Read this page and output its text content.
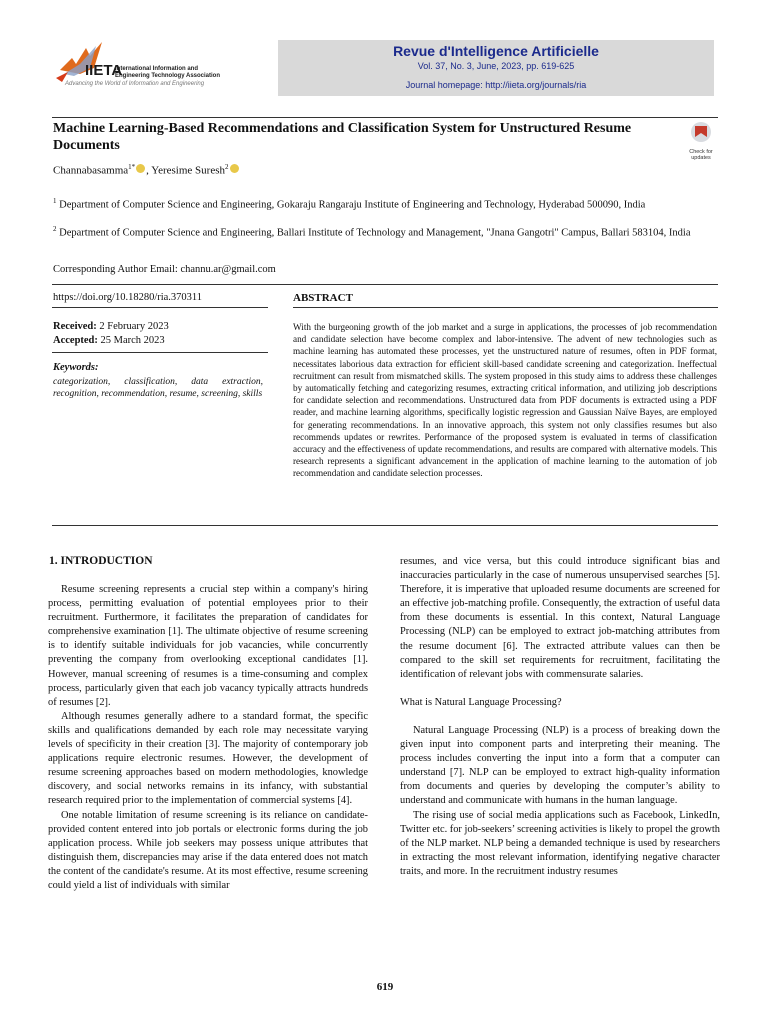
IIETA
International Information and
Engineering Technology Association
Advancing the World of Information and Engineering
Revue d'Intelligence Artificielle
Vol. 37, No. 3, June, 2023, pp. 619-625
Journal homepage: http://iieta.org/journals/ria
Machine Learning-Based Recommendations and Classification System for Unstructured Resume Documents	Check for updates
Channabasamma$^{1*}$ , Yeresime Suresh$^2$
$^1$ Department of Computer Science and Engineering, Gokaraju Rangaraju Institute of Engineering and Technology, Hyderabad 500090, India
$^2$ Department of Computer Science and Engineering, Ballari Institute of Technology and Management, "Jnana Gangotri" Campus, Ballari 583104, India
Corresponding Author Email: channu.ar@gmail.com
https://doi.org/10.18280/ria.370311	ABSTRACT
Received: 2 February 2023
Accepted: 25 March 2023
Keywords:
categorization, classification, data extraction, recognition, recommendation, resume, screening, skills
With the burgeoning growth of the job market and a surge in applications, the processes of job recommendation and candidate selection have become complex and labor-intensive. The advent of new technologies such as machine learning has automated these processes, yet the unstructured nature of resumes, often in PDF format, necessitates laborious data extraction for efficient skill-based candidate screening and categorization. Ineffectual recruitment can result from mismatched skills. The system proposed in this study aims to address these challenges by automatically fetching and categorizing resumes, extracting critical information, and utilizing job descriptions for candidate selection and recommendations. Unstructured data from PDF documents is extracted using a PDF reader, and machine learning algorithms, specifically logistic regression and Gaussian Naïve Bayes, are employed for generating recommendations. In an innovative approach, this system not only classifies resumes but also recommends updates or rewrites. Performance of the proposed system is evaluated in terms of classification accuracy and the effectiveness of update recommendations, and results are compared with alternative models. This research represents a significant advancement in the application of machine learning to the automation of job recommendation and candidate selection processes.
1. INTRODUCTION

Resume screening represents a crucial step within a company's hiring process, permitting evaluation of potential employees prior to their recruitment. Furthermore, it facilitates the preparation of candidates for comprehensive examination [1]. The ultimate objective of resume screening is to identify suitable individuals for job vacancies, while concurrently preventing the company from overlooking exceptional candidates [1]. However, manual screening of resumes is a time-consuming and complex process, particularly given that each job vacancy typically attracts hundreds of resumes [2].

Although resumes generally adhere to a standard format, the specific skills and qualifications demanded by each role may necessitate varying levels of specificity in their creation [3]. The majority of contemporary job applications require electronic resumes. However, the development of resume screening approaches based on modern methodologies, knowledge discovery, and social networks remains in its infancy, with substantial research required prior to the implementation of commercial systems [4].

One notable limitation of resume screening is its reliance on candidate-provided content entered into job portals or electronic forms during the job application process. While job seekers may possess unique attributes that distinguish them, discrepancies may arise if the data entered does not match the content of the candidate's resume. At its most effective, resume screening could yield a list of individuals with similar

resumes, and vice versa, but this could introduce significant bias and inaccuracies particularly in the case of numerous unsupervised searches [5]. Therefore, it is imperative that uploaded resume documents are screened for an effective job-matching profile. Consequently, the extraction of useful data from these documents is essential. In this context, Natural Language Processing (NLP) can be employed to extract job-matching attributes from the resume document [6]. The extracted attribute values can then be compared to the skill set requirements for recruitment, facilitating the identification of relevant jobs with commensurate salaries.

What is Natural Language Processing?

Natural Language Processing (NLP) is a process of breaking down the given input into component parts and interpreting their meaning. The process includes converting the input into a form that a computer can understand [7]. NLP can be employed to extract high-quality information from documents and queries by developing the computer’s ability to understand and communicate with humans in the human language.

The rising use of social media applications such as Facebook, LinkedIn, Twitter etc. for job-seekers’ screening activities is likely to propel the growth of the NLP market. NLP being a demanded technique is used by researchers in extracting the most relevant information, identifying negative character traits, and more. In the recruitment industry resumes

619
